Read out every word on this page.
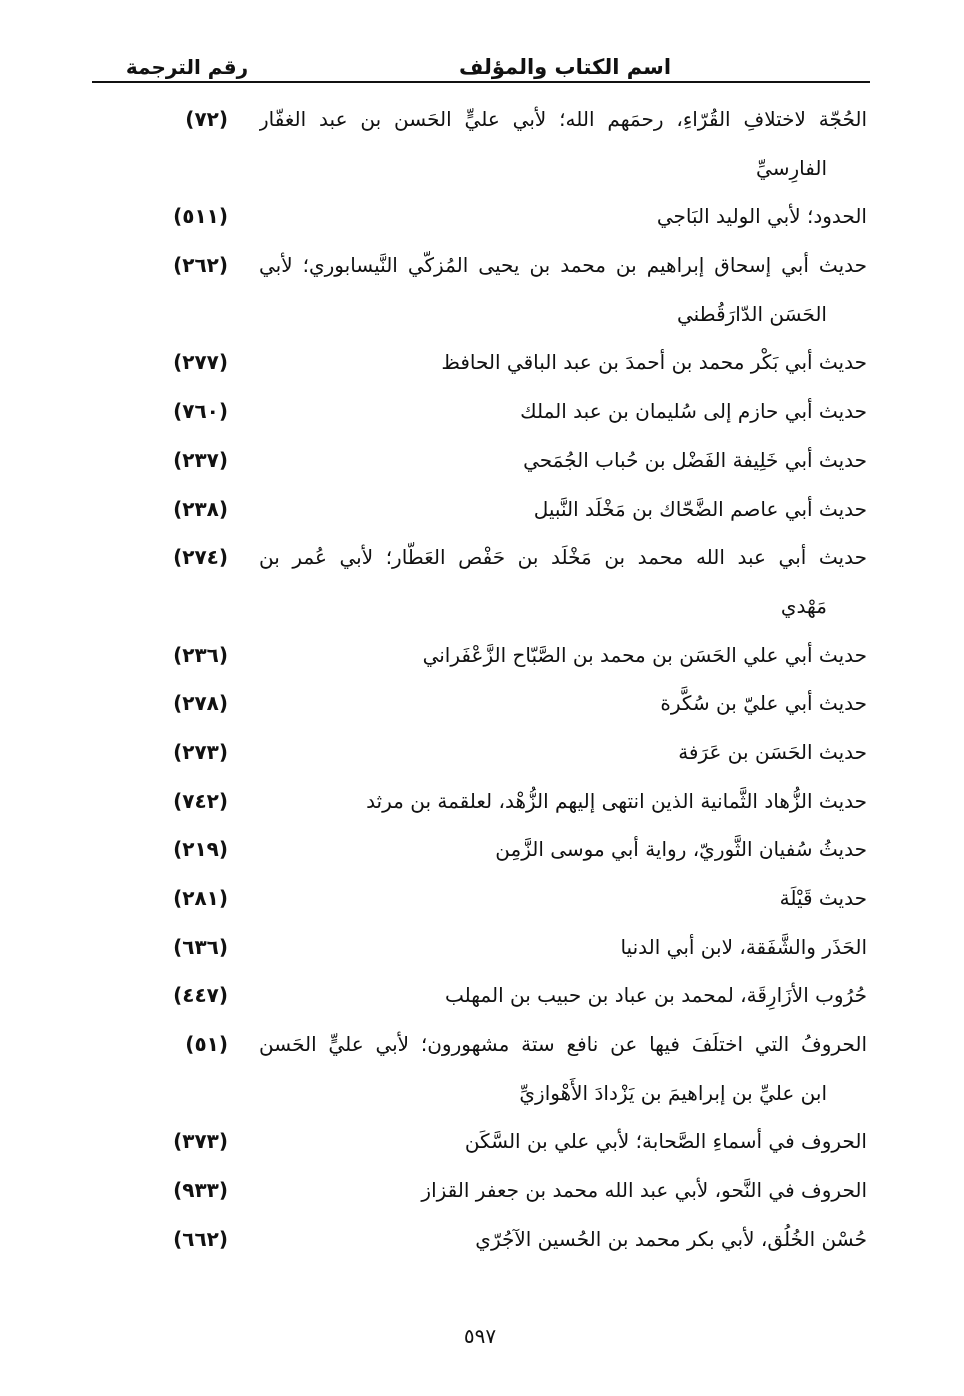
اسم الكتاب والمؤلف
رقم الترجمة
الحُجّة لاختلافِ القُرّاءِ، رحمَهم الله؛ لأبي عليٍّ الحَسن بن عبد الغفّار
الفارِسيِّ
(٧٢)
الحدود؛ لأبي الوليد البَاجي
(٥١١)
حديث أبي إسحاق إبراهيم بن محمد بن يحيى المُزكّي النَّيسابوري؛ لأبي
الحَسَن الدّارَقُطني
(٢٦٢)
حديث أبي بَكْر محمد بن أحمدَ بن عبد الباقي الحافظ
(٢٧٧)
حديث أبي حازم إلى سُليمان بن عبد الملك
(٧٦٠)
حديث أبي خَلِيفة الفَضْل بن حُباب الجُمَحي
(٢٣٧)
حديث أبي عاصم الضَّحّاك بن مَخْلَد النَّبيل
(٢٣٨)
حديث أبي عبد الله محمد بن مَخْلَد بن حَفْص العَطّار؛ لأبي عُمر بن
مَهْدي
(٢٧٤)
حديث أبي علي الحَسَن بن محمد بن الصَّبّاح الزَّعْفَراني
(٢٣٦)
حديث أبي عليّ بن سُكَّرة
(٢٧٨)
حديث الحَسَن بن عَرَفة
(٢٧٣)
حديث الزُّهاد الثَّمانية الذين انتهى إليهم الزُّهْد، لعلقمة بن مرثد
(٧٤٢)
حديثُ سُفيان الثَّوريّ، رواية أبي موسى الزَّمِن
(٢١٩)
حديث قَيْلَة
(٢٨١)
الحَذَر والشَّفَقة، لابن أبي الدنيا
(٦٣٦)
حُرُوب الأزَارِقَة، لمحمد بن عباد بن حبيب بن المهلب
(٤٤٧)
الحروفُ التي اختلَفَ فيها عن نافع ستة مشهورون؛ لأبي عليٍّ الحَسن
ابن عليِّ بن إبراهيمَ بن يَزْدادَ الأَهْوازيِّ
(٥١)
الحروف في أسماءِ الصَّحابة؛ لأبي علي بن السَّكَن
(٣٧٣)
الحروف في النَّحو، لأبي عبد الله محمد بن جعفر القزاز
(٩٣٣)
حُسْن الخُلُق، لأبي بكر محمد بن الحُسين الآجُرّي
(٦٦٢)
٥٩٧
